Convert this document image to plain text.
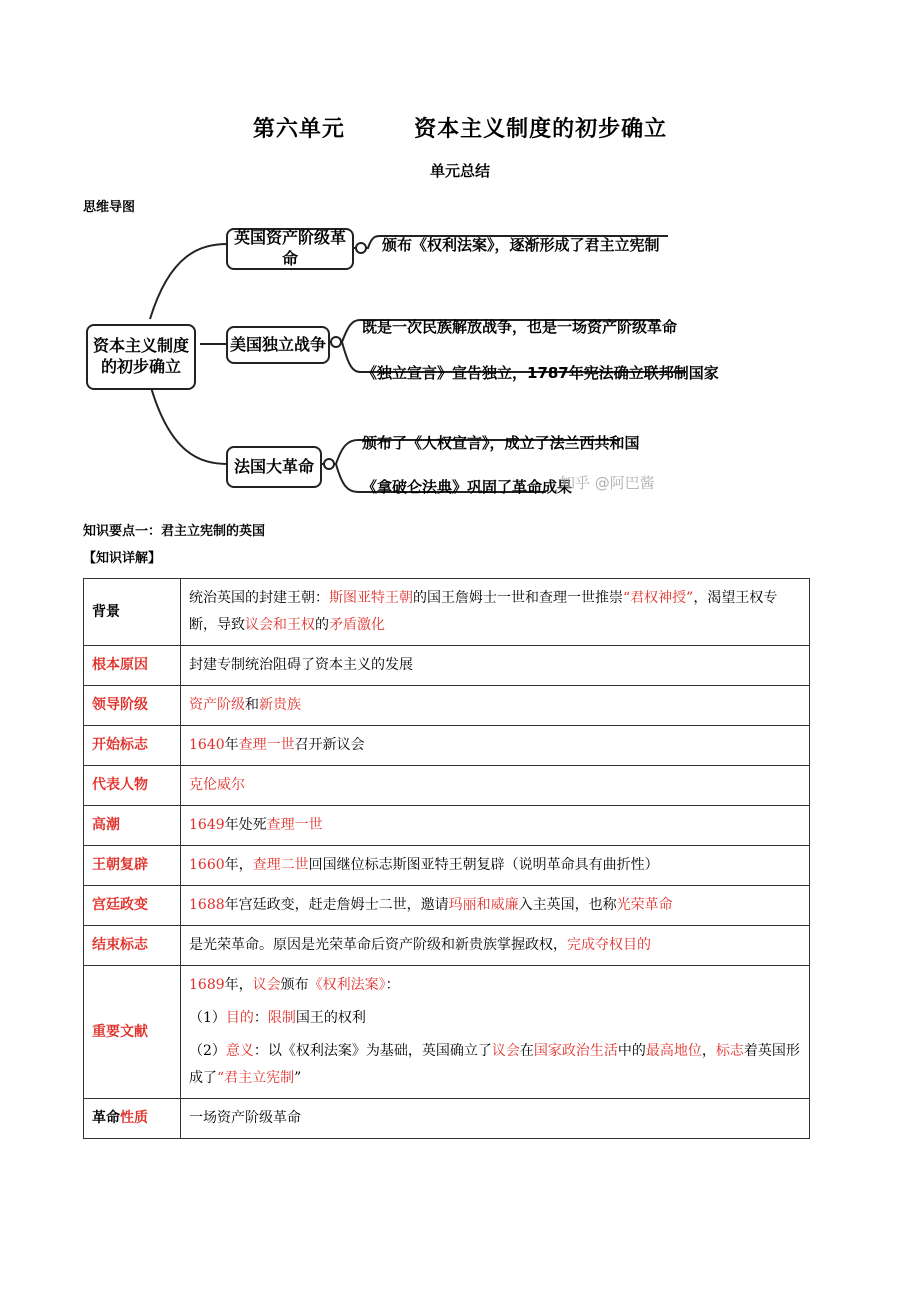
第六单元        资本主义制度的初步确立
单元总结
思维导图
资本主义制度的初步确立
英国资产阶级革命
美国独立战争
法国大革命
颁布《权利法案》，逐渐形成了君主立宪制
既是一次民族解放战争，也是一场资产阶级革命
《独立宣言》宣告独立，1787年宪法确立联邦制国家
颁布了《人权宣言》，成立了法兰西共和国
《拿破仑法典》巩固了革命成果
知乎 @阿巴酱
知识要点一：君主立宪制的英国
【知识详解】
背景	统治英国的封建王朝：斯图亚特王朝的国王詹姆士一世和查理一世推崇“君权神授”，渴望王权专断，导致议会和王权的矛盾激化
根本原因	封建专制统治阻碍了资本主义的发展
领导阶级	资产阶级和新贵族
开始标志	1640年查理一世召开新议会
代表人物	克伦威尔
高潮	1649年处死查理一世
王朝复辟	1660年，查理二世回国继位标志斯图亚特王朝复辟（说明革命具有曲折性）
宫廷政变	1688年宫廷政变，赶走詹姆士二世，邀请玛丽和威廉入主英国，也称光荣革命
结束标志	是光荣革命。原因是光荣革命后资产阶级和新贵族掌握政权，完成夺权目的
重要文献	1689年，议会颁布《权利法案》：
（1）目的：限制国王的权利
（2）意义：以《权利法案》为基础，英国确立了议会在国家政治生活中的最高地位，标志着英国形成了“君主立宪制”

革命性质	一场资产阶级革命
